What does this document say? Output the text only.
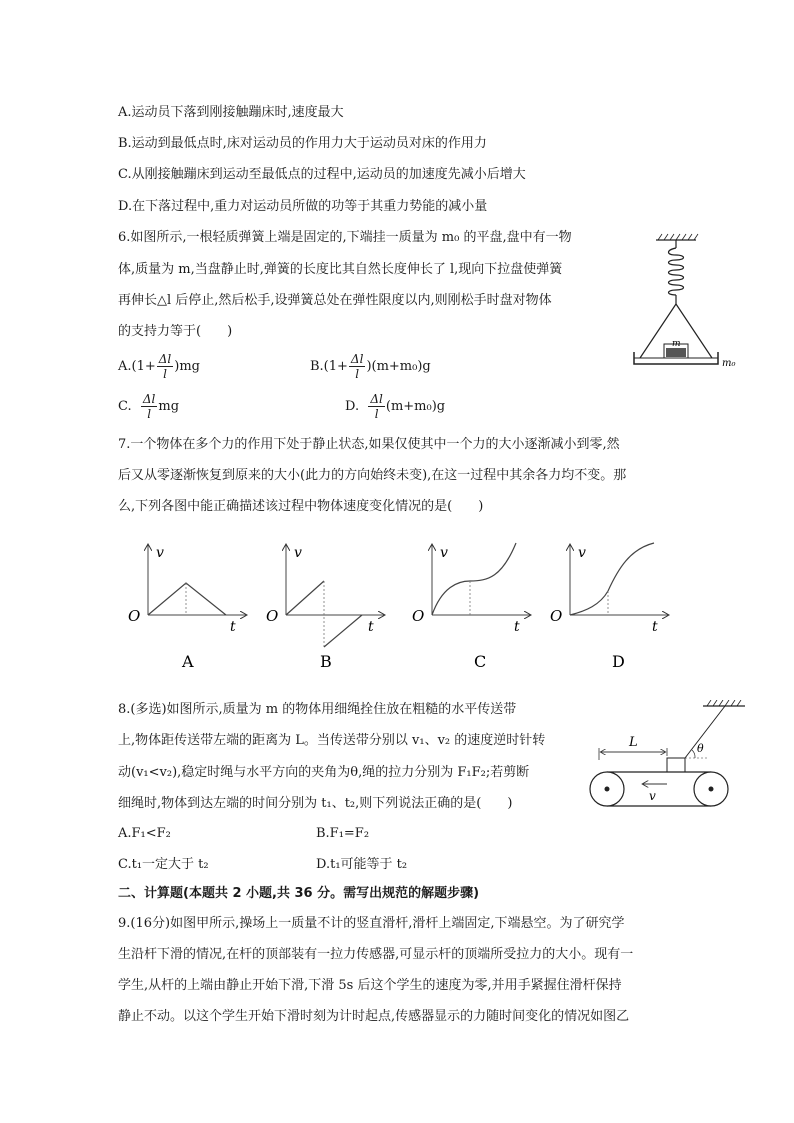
A.运动员下落到刚接触蹦床时,速度最大
B.运动到最低点时,床对运动员的作用力大于运动员对床的作用力
C.从刚接触蹦床到运动至最低点的过程中,运动员的加速度先减小后增大
D.在下落过程中,重力对运动员所做的功等于其重力势能的减小量
6.如图所示,一根轻质弹簧上端是固定的,下端挂一质量为 m₀ 的平盘,盘中有一物
体,质量为 m,当盘静止时,弹簧的长度比其自然长度伸长了 l,现向下拉盘使弹簧
再伸长△l 后停止,然后松手,设弹簧总处在弹性限度以内,则刚松手时盘对物体
的支持力等于(　　)
$A.(1+ \frac{\Delta l}{l} )mg$	$B.(1+ \frac{\Delta l}{l} )(m+m_0)g$
C. $\frac{\Delta l}{l}$ mg	D. $\frac{\Delta l}{l} (m+m_0)g$
m
m₀
7.一个物体在多个力的作用下处于静止状态,如果仅使其中一个力的大小逐渐减小到零,然
后又从零逐渐恢复到原来的大小(此力的方向始终未变),在这一过程中其余各力均不变。那
么,下列各图中能正确描述该过程中物体速度变化情况的是(　　)
v
O
t
A
v
O
t
B
v
O
t
C
v
O
t
D
8.(多选)如图所示,质量为 m 的物体用细绳拴住放在粗糙的水平传送带
上,物体距传送带左端的距离为 L。当传送带分别以 v₁、v₂ 的速度逆时针转
动(v₁<v₂),稳定时绳与水平方向的夹角为θ,绳的拉力分别为 F₁F₂;若剪断
细绳时,物体到达左端的时间分别为 t₁、t₂,则下列说法正确的是(　　)
A.F₁<F₂	B.F₁=F₂
C.t₁一定大于 t₂	D.t₁可能等于 t₂
θ
L
v
二、计算题(本题共 2 小题,共 36 分。需写出规范的解题步骤)
9.(16分)如图甲所示,操场上一质量不计的竖直滑杆,滑杆上端固定,下端悬空。为了研究学
生沿杆下滑的情况,在杆的顶部装有一拉力传感器,可显示杆的顶端所受拉力的大小。现有一
学生,从杆的上端由静止开始下滑,下滑 5s 后这个学生的速度为零,并用手紧握住滑杆保持
静止不动。以这个学生开始下滑时刻为计时起点,传感器显示的力随时间变化的情况如图乙
